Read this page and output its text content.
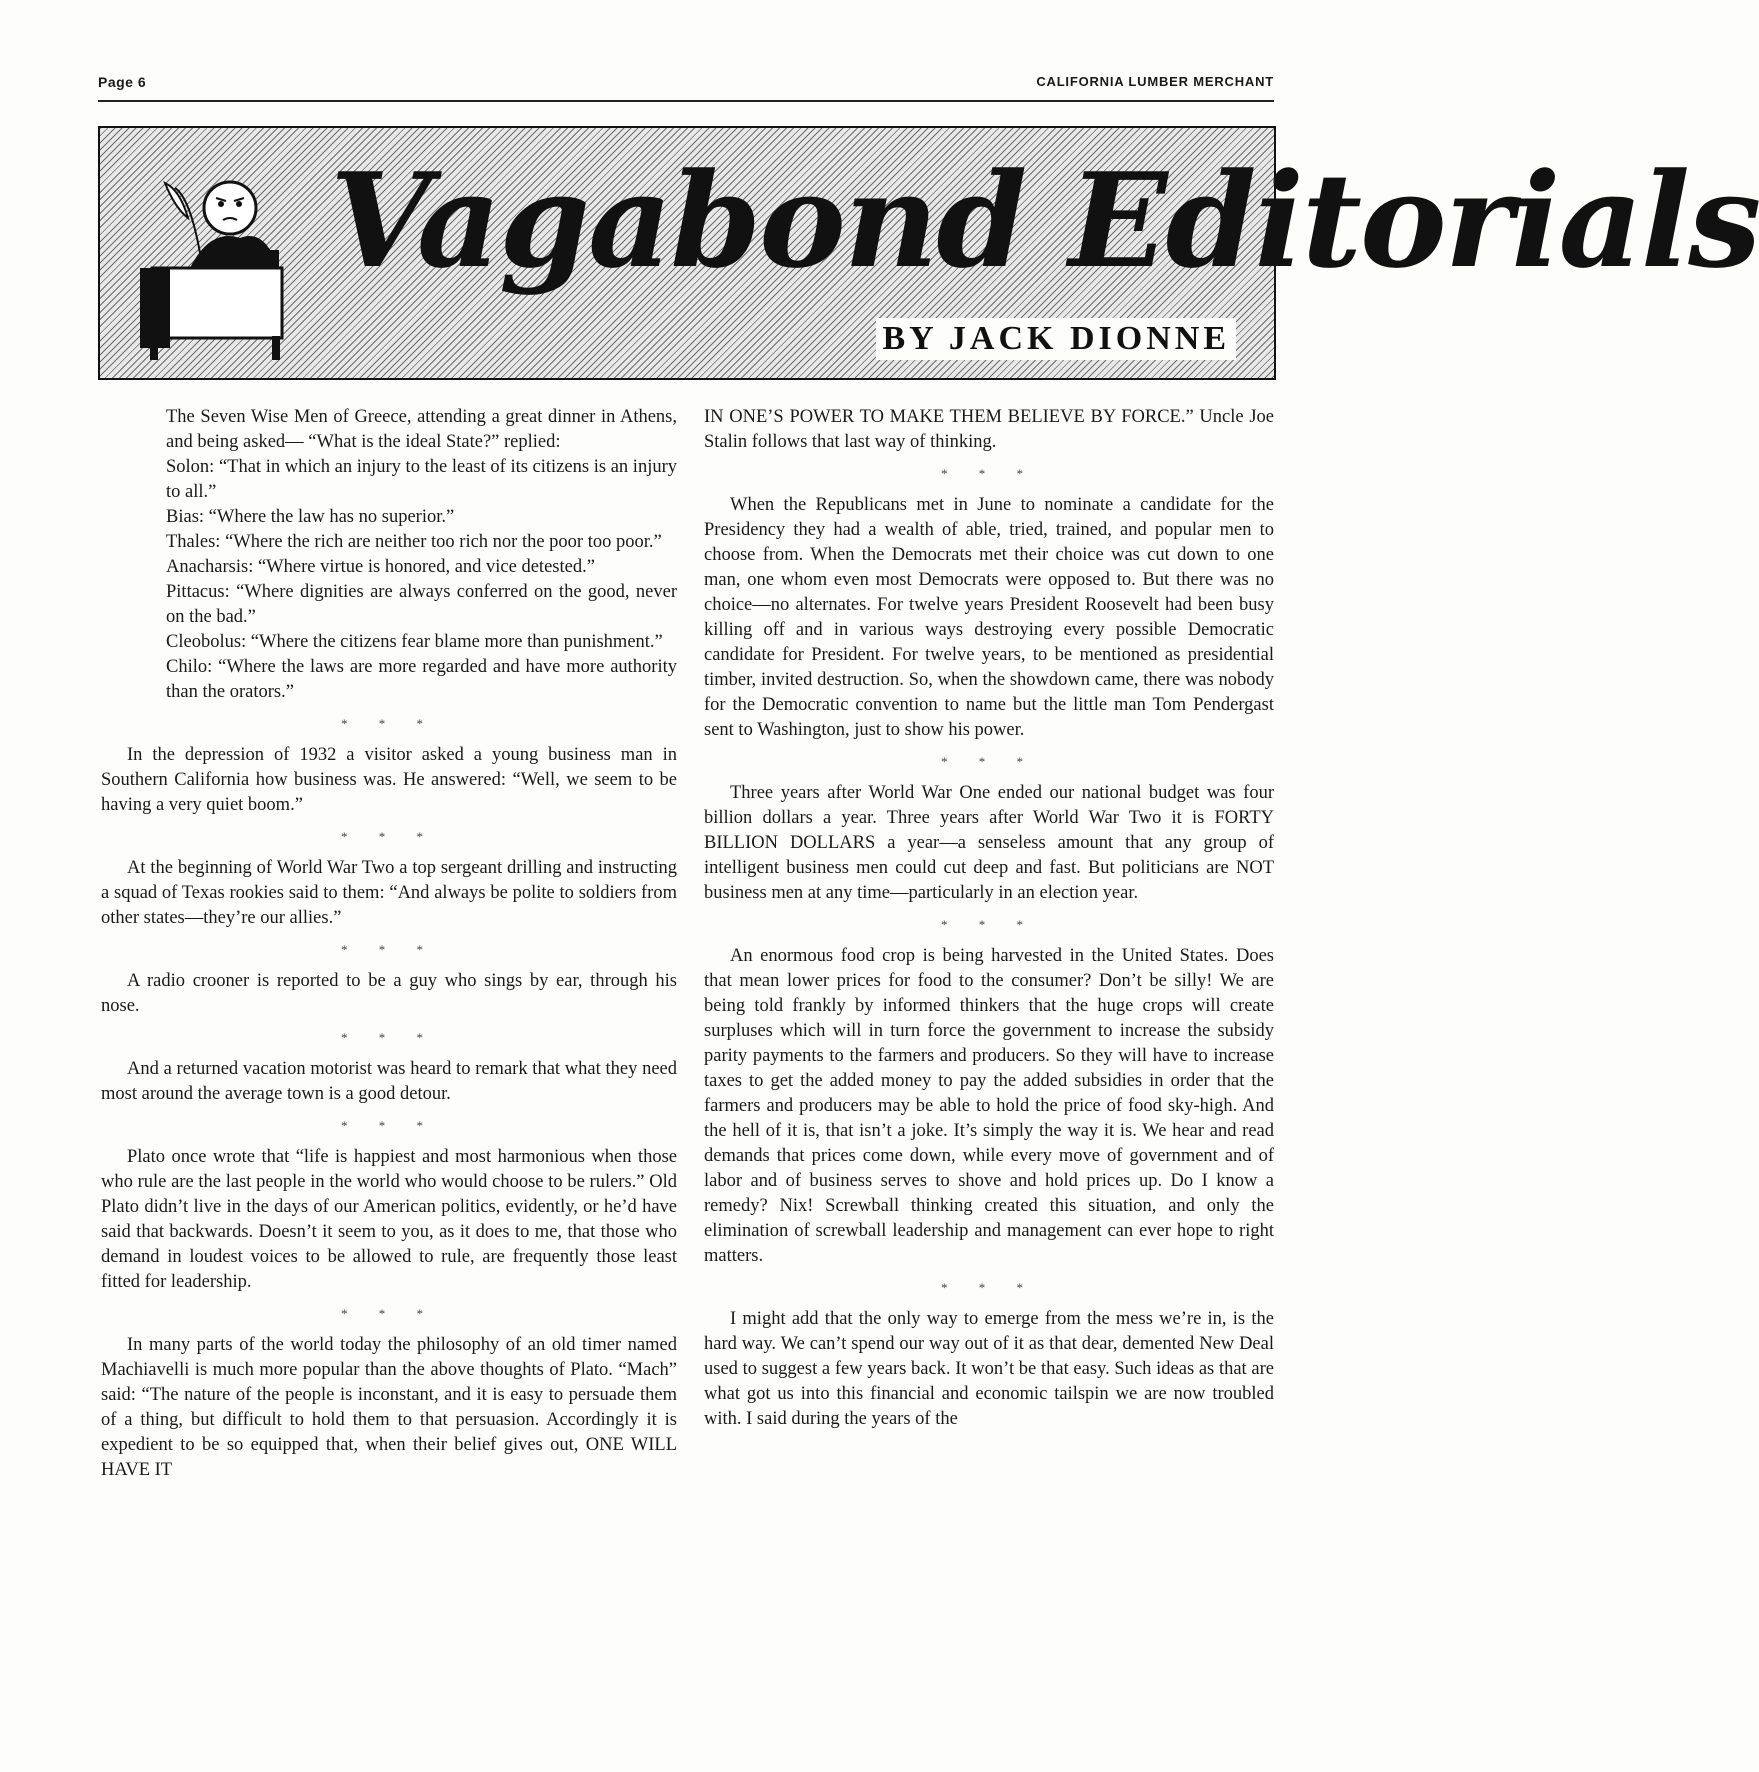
Page 6	CALIFORNIA LUMBER MERCHANT
Vagabond Editorials
BY JACK DIONNE

The Seven Wise Men of Greece, attending a great dinner in Athens, and being asked— “What is the ideal State?” replied:

Solon: “That in which an injury to the least of its citizens is an injury to all.”

Bias: “Where the law has no superior.”

Thales: “Where the rich are neither too rich nor the poor too poor.”

Anacharsis: “Where virtue is honored, and vice detested.”

Pittacus: “Where dignities are always conferred on the good, never on the bad.”

Cleobolus: “Where the citizens fear blame more than punishment.”

Chilo: “Where the laws are more regarded and have more authority than the orators.”

* * *

In the depression of 1932 a visitor asked a young business man in Southern California how business was. He answered: “Well, we seem to be having a very quiet boom.”

* * *

At the beginning of World War Two a top sergeant drilling and instructing a squad of Texas rookies said to them: “And always be polite to soldiers from other states—they’re our allies.”

* * *

A radio crooner is reported to be a guy who sings by ear, through his nose.

* * *

And a returned vacation motorist was heard to remark that what they need most around the average town is a good detour.

* * *

Plato once wrote that “life is happiest and most harmonious when those who rule are the last people in the world who would choose to be rulers.” Old Plato didn’t live in the days of our American politics, evidently, or he’d have said that backwards. Doesn’t it seem to you, as it does to me, that those who demand in loudest voices to be allowed to rule, are frequently those least fitted for leadership.

* * *

In many parts of the world today the philosophy of an old timer named Machiavelli is much more popular than the above thoughts of Plato. “Mach” said: “The nature of the people is inconstant, and it is easy to persuade them of a thing, but difficult to hold them to that persuasion. Accordingly it is expedient to be so equipped that, when their belief gives out, ONE WILL HAVE IT

IN ONE’S POWER TO MAKE THEM BELIEVE BY FORCE.” Uncle Joe Stalin follows that last way of thinking.

* * *

When the Republicans met in June to nominate a candidate for the Presidency they had a wealth of able, tried, trained, and popular men to choose from. When the Democrats met their choice was cut down to one man, one whom even most Democrats were opposed to. But there was no choice—no alternates. For twelve years President Roosevelt had been busy killing off and in various ways destroying every possible Democratic candidate for President. For twelve years, to be mentioned as presidential timber, invited destruction. So, when the showdown came, there was nobody for the Democratic convention to name but the little man Tom Pendergast sent to Washington, just to show his power.

* * *

Three years after World War One ended our national budget was four billion dollars a year. Three years after World War Two it is FORTY BILLION DOLLARS a year—a senseless amount that any group of intelligent business men could cut deep and fast. But politicians are NOT business men at any time—particularly in an election year.

* * *

An enormous food crop is being harvested in the United States. Does that mean lower prices for food to the consumer? Don’t be silly! We are being told frankly by informed thinkers that the huge crops will create surpluses which will in turn force the government to increase the subsidy parity payments to the farmers and producers. So they will have to increase taxes to get the added money to pay the added subsidies in order that the farmers and producers may be able to hold the price of food sky-high. And the hell of it is, that isn’t a joke. It’s simply the way it is. We hear and read demands that prices come down, while every move of government and of labor and of business serves to shove and hold prices up. Do I know a remedy? Nix! Screwball thinking created this situation, and only the elimination of screwball leadership and management can ever hope to right matters.

* * *

I might add that the only way to emerge from the mess we’re in, is the hard way. We can’t spend our way out of it as that dear, demented New Deal used to suggest a few years back. It won’t be that easy. Such ideas as that are what got us into this financial and economic tailspin we are now troubled with. I said during the years of the
